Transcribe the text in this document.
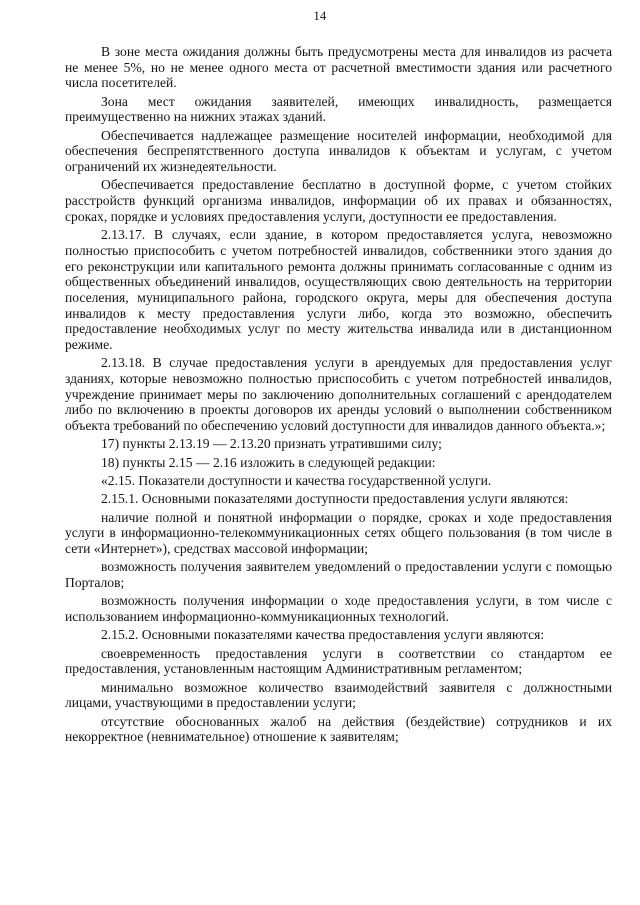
14

В зоне места ожидания должны быть предусмотрены места для инвалидов из расчета не менее 5%, но не менее одного места от расчетной вместимости здания или расчетного числа посетителей.

Зона мест ожидания заявителей, имеющих инвалидность, размещается преимущественно на нижних этажах зданий.

Обеспечивается надлежащее размещение носителей информации, необходимой для обеспечения беспрепятственного доступа инвалидов к объектам и услугам, с учетом ограничений их жизнедеятельности.

Обеспечивается предоставление бесплатно в доступной форме, с учетом стойких расстройств функций организма инвалидов, информации об их правах и обязанностях, сроках, порядке и условиях предоставления услуги, доступности ее предоставления.

2.13.17. В случаях, если здание, в котором предоставляется услуга, невозможно полностью приспособить с учетом потребностей инвалидов, собственники этого здания до его реконструкции или капитального ремонта должны принимать согласованные с одним из общественных объединений инвалидов, осуществляющих свою деятельность на территории поселения, муниципального района, городского округа, меры для обеспечения доступа инвалидов к месту предоставления услуги либо, когда это возможно, обеспечить предоставление необходимых услуг по месту жительства инвалида или в дистанционном режиме.

2.13.18. В случае предоставления услуги в арендуемых для предоставления услуг зданиях, которые невозможно полностью приспособить с учетом потребностей инвалидов, учреждение принимает меры по заключению дополнительных соглашений с арендодателем либо по включению в проекты договоров их аренды условий о выполнении собственником объекта требований по обеспечению условий доступности для инвалидов данного объекта.»;

17) пункты 2.13.19 — 2.13.20 признать утратившими силу;

18) пункты 2.15 — 2.16 изложить в следующей редакции:

«2.15. Показатели доступности и качества государственной услуги.

2.15.1. Основными показателями доступности предоставления услуги являются:

наличие полной и понятной информации о порядке, сроках и ходе предоставления услуги в информационно-телекоммуникационных сетях общего пользования (в том числе в сети «Интернет»), средствах массовой информации;

возможность получения заявителем уведомлений о предоставлении услуги с помощью Порталов;

возможность получения информации о ходе предоставления услуги, в том числе с использованием информационно-коммуникационных технологий.

2.15.2. Основными показателями качества предоставления услуги являются:

своевременность предоставления услуги в соответствии со стандартом ее предоставления, установленным настоящим Административным регламентом;

минимально возможное количество взаимодействий заявителя с должностными лицами, участвующими в предоставлении услуги;

отсутствие обоснованных жалоб на действия (бездействие) сотрудников и их некорректное (невнимательное) отношение к заявителям;
